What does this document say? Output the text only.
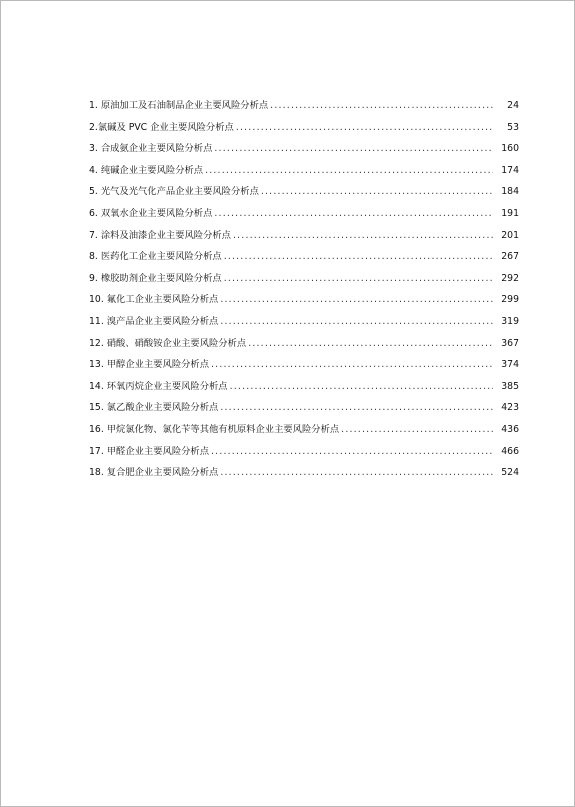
1. 原油加工及石油制品企业主要风险分析点 .....	24
2.氯碱及 PVC 企业主要风险分析点 .....	53
3. 合成氨企业主要风险分析点 .....	160
4. 纯碱企业主要风险分析点 .....	174
5. 光气及光气化产品企业主要风险分析点 .....	184
6. 双氧水企业主要风险分析点 .....	191
7. 涂料及油漆企业主要风险分析点 .....	201
8. 医药化工企业主要风险分析点 .....	267
9. 橡胶助剂企业主要风险分析点 .....	292
10. 氟化工企业主要风险分析点 .....	299
11. 溴产品企业主要风险分析点 .....	319
12. 硝酸、硝酸铵企业主要风险分析点 .....	367
13. 甲醇企业主要风险分析点 .....	374
14. 环氧丙烷企业主要风险分析点 .....	385
15. 氯乙酸企业主要风险分析点 .....	423
16. 甲烷氯化物、氯化苄等其他有机原料企业主要风险分析点 .....	436
17. 甲醛企业主要风险分析点 .....	466
18. 复合肥企业主要风险分析点 .....	524
